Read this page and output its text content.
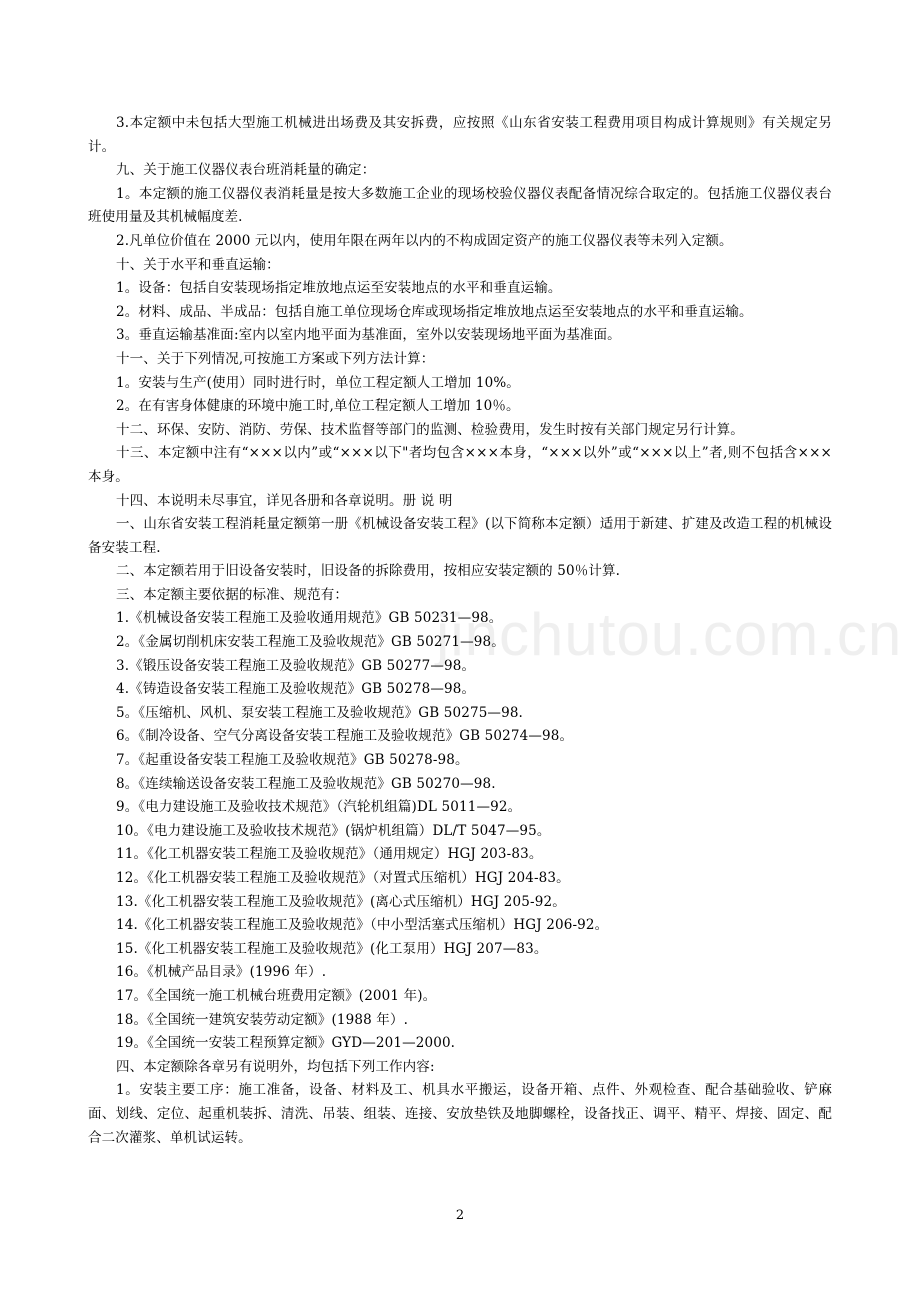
jinchutou.com.cn

3.本定额中未包括大型施工机械进出场费及其安拆费，应按照《山东省安装工程费用项目构成计算规则》有关规定另计。

九、关于施工仪器仪表台班消耗量的确定：

1。本定额的施工仪器仪表消耗量是按大多数施工企业的现场校验仪器仪表配备情况综合取定的。包括施工仪器仪表台班使用量及其机械幅度差.

2.凡单位价值在 2000 元以内，使用年限在两年以内的不构成固定资产的施工仪器仪表等未列入定额。

十、关于水平和垂直运输：

1。设备：包括自安装现场指定堆放地点运至安装地点的水平和垂直运输。

2。材料、成品、半成品：包括自施工单位现场仓库或现场指定堆放地点运至安装地点的水平和垂直运输。

3。垂直运输基准面:室内以室内地平面为基准面，室外以安装现场地平面为基准面。

十一、关于下列情况,可按施工方案或下列方法计算：

1。安装与生产(使用）同时进行时，单位工程定额人工增加 10%。

2。在有害身体健康的环境中施工时,单位工程定额人工增加 10％。

十二、环保、安防、消防、劳保、技术监督等部门的监测、检验费用，发生时按有关部门规定另行计算。

十三、本定额中注有“×××以内”或“×××以下"者均包含×××本身，“×××以外”或“×××以上”者,则不包括含×××本身。

十四、本说明未尽事宜，详见各册和各章说明。册 说 明

一、山东省安装工程消耗量定额第一册《机械设备安装工程》(以下简称本定额）适用于新建、扩建及改造工程的机械设备安装工程.

二、本定额若用于旧设备安装时，旧设备的拆除费用，按相应安装定额的 50％计算.

三、本定额主要依据的标准、规范有：

1.《机械设备安装工程施工及验收通用规范》GB 50231—98。

2。《金属切削机床安装工程施工及验收规范》GB 50271—98。

3.《锻压设备安装工程施工及验收规范》GB 50277—98。

4.《铸造设备安装工程施工及验收规范》GB 50278—98。

5。《压缩机、风机、泵安装工程施工及验收规范》GB 50275—98.

6。《制冷设备、空气分离设备安装工程施工及验收规范》GB 50274—98。

7。《起重设备安装工程施工及验收规范》GB 50278-98。

8。《连续输送设备安装工程施工及验收规范》GB 50270—98.

9。《电力建设施工及验收技术规范》（汽轮机组篇)DL 5011—92。

10。《电力建设施工及验收技术规范》(锅炉机组篇）DL/T 5047—95。

11。《化工机器安装工程施工及验收规范》（通用规定）HGJ 203-83。

12。《化工机器安装工程施工及验收规范》（对置式压缩机）HGJ 204-83。

13.《化工机器安装工程施工及验收规范》(离心式压缩机）HGJ 205-92。

14.《化工机器安装工程施工及验收规范》（中小型活塞式压缩机）HGJ 206-92。

15.《化工机器安装工程施工及验收规范》(化工泵用）HGJ 207—83。

16。《机械产品目录》(1996 年）.

17。《全国统一施工机械台班费用定额》(2001 年)。

18。《全国统一建筑安装劳动定额》(1988 年）.

19。《全国统一安装工程预算定额》GYD—201—2000.

四、本定额除各章另有说明外，均包括下列工作内容:

1。安装主要工序：施工准备，设备、材料及工、机具水平搬运，设备开箱、点件、外观检查、配合基础验收、铲麻面、划线、定位、起重机装拆、清洗、吊装、组装、连接、安放垫铁及地脚螺栓，设备找正、调平、精平、焊接、固定、配合二次灌浆、单机试运转。

2
